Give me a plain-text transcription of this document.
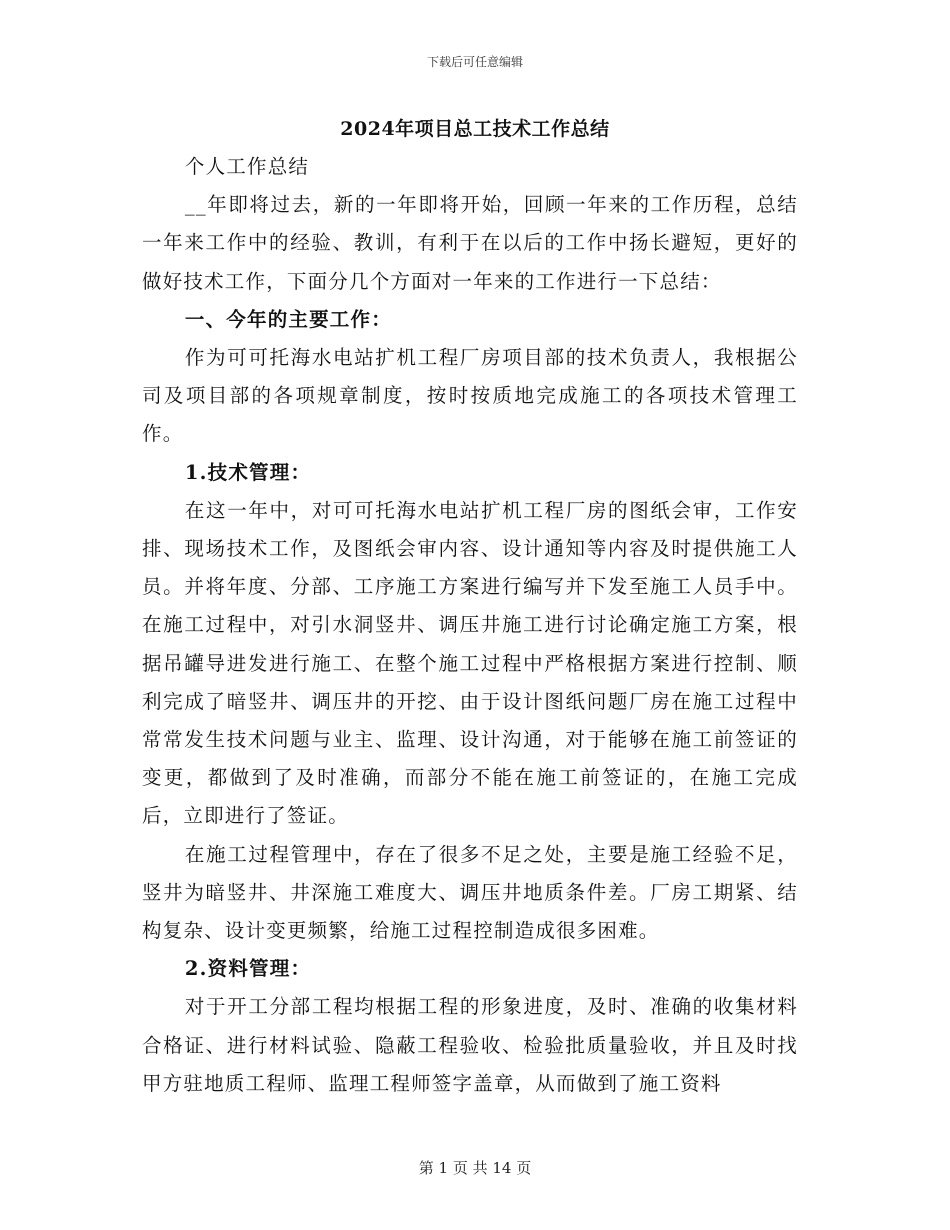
下载后可任意编辑
2024年项目总工技术工作总结

个人工作总结

__年即将过去，新的一年即将开始，回顾一年来的工作历程，总结一年来工作中的经验、教训，有利于在以后的工作中扬长避短，更好的做好技术工作，下面分几个方面对一年来的工作进行一下总结：

一、今年的主要工作：

作为可可托海水电站扩机工程厂房项目部的技术负责人，我根据公司及项目部的各项规章制度，按时按质地完成施工的各项技术管理工作。

1.技术管理：

在这一年中，对可可托海水电站扩机工程厂房的图纸会审，工作安排、现场技术工作，及图纸会审内容、设计通知等内容及时提供施工人员。并将年度、分部、工序施工方案进行编写并下发至施工人员手中。在施工过程中，对引水洞竖井、调压井施工进行讨论确定施工方案，根据吊罐导进发进行施工、在整个施工过程中严格根据方案进行控制、顺利完成了暗竖井、调压井的开挖、由于设计图纸问题厂房在施工过程中常常发生技术问题与业主、监理、设计沟通，对于能够在施工前签证的变更，都做到了及时准确，而部分不能在施工前签证的，在施工完成后，立即进行了签证。

在施工过程管理中，存在了很多不足之处，主要是施工经验不足，竖井为暗竖井、井深施工难度大、调压井地质条件差。厂房工期紧、结构复杂、设计变更频繁，给施工过程控制造成很多困难。

2.资料管理：

对于开工分部工程均根据工程的形象进度，及时、准确的收集材料合格证、进行材料试验、隐蔽工程验收、检验批质量验收，并且及时找甲方驻地质工程师、监理工程师签字盖章，从而做到了施工资料

第 1 页 共 14 页
